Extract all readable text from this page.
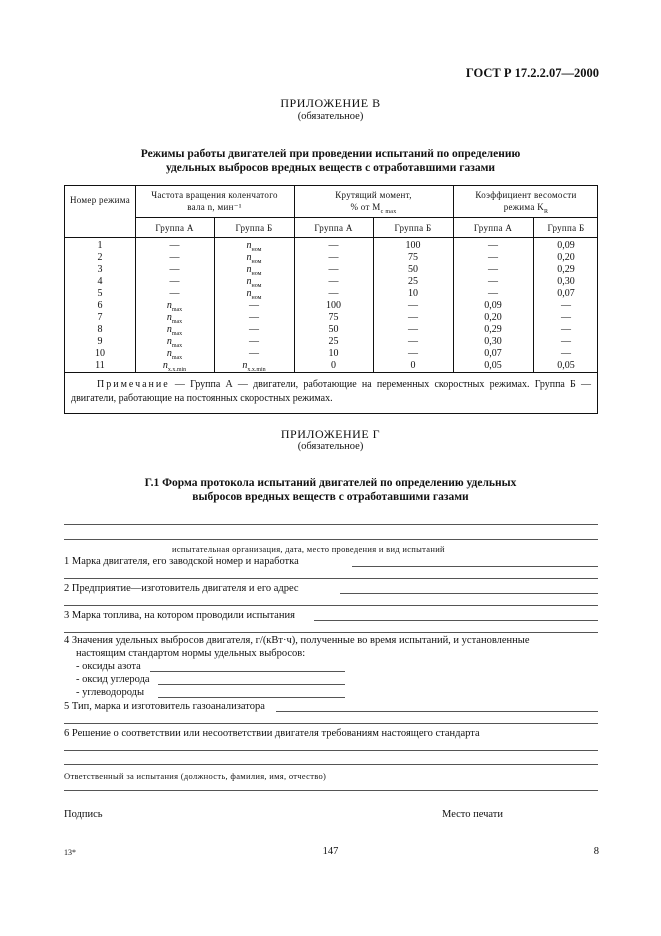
ГОСТ Р 17.2.2.07—2000
ПРИЛОЖЕНИЕ В
(обязательное)
Режимы работы двигателей при проведении испытаний по определению
удельных выбросов вредных веществ с отработавшими газами
Номер режима	Частота вращения коленчатого
вала n, мин⁻¹
Крутящий момент,
% от $M_{с max}$
Коэффициент весомости
режима $K_R$
Группа А	Группа Б	Группа А	Группа Б	Группа А	Группа Б
1	—	$n_{ном}$	—	100	—	0,09
2	—	$n_{ном}$	—	75	—	0,20
3	—	$n_{ном}$	—	50	—	0,29
4	—	$n_{ном}$	—	25	—	0,30
5	—	$n_{ном}$	—	10	—	0,07
6	$n_{max}$	—	100	—	0,09	—
7	$n_{max}$	—	75	—	0,20	—
8	$n_{max}$	—	50	—	0,29	—
9	$n_{max}$	—	25	—	0,30	—
10	$n_{max}$	—	10	—	0,07	—
11	$n_{х.х.min}$	$n_{х.х.min}$	0	0	0,05	0,05
Примечание — Группа А — двигатели, работающие на переменных скоростных режимах. Группа Б — двигатели, работающие на постоянных скоростных режимах.
ПРИЛОЖЕНИЕ Г
(обязательное)
Г.1 Форма протокола испытаний двигателей по определению удельных
выбросов вредных веществ с отработавшими газами
испытательная организация, дата, место проведения и вид испытаний
1 Марка двигателя, его заводской номер и наработка
2 Предприятие—изготовитель двигателя и его адрес
3 Марка топлива, на котором проводили испытания
4 Значения удельных выбросов двигателя, г/(кВт·ч), полученные во время испытаний, и установленные
настоящим стандартом нормы удельных выбросов:
- оксиды азота
- оксид углерода
- углеводороды
5 Тип, марка и изготовитель газоанализатора
6 Решение о соответствии или несоответствии двигателя требованиям настоящего стандарта
Ответственный за испытания (должность, фамилия, имя, отчество)
Подпись	Место печати
13*	147	8
